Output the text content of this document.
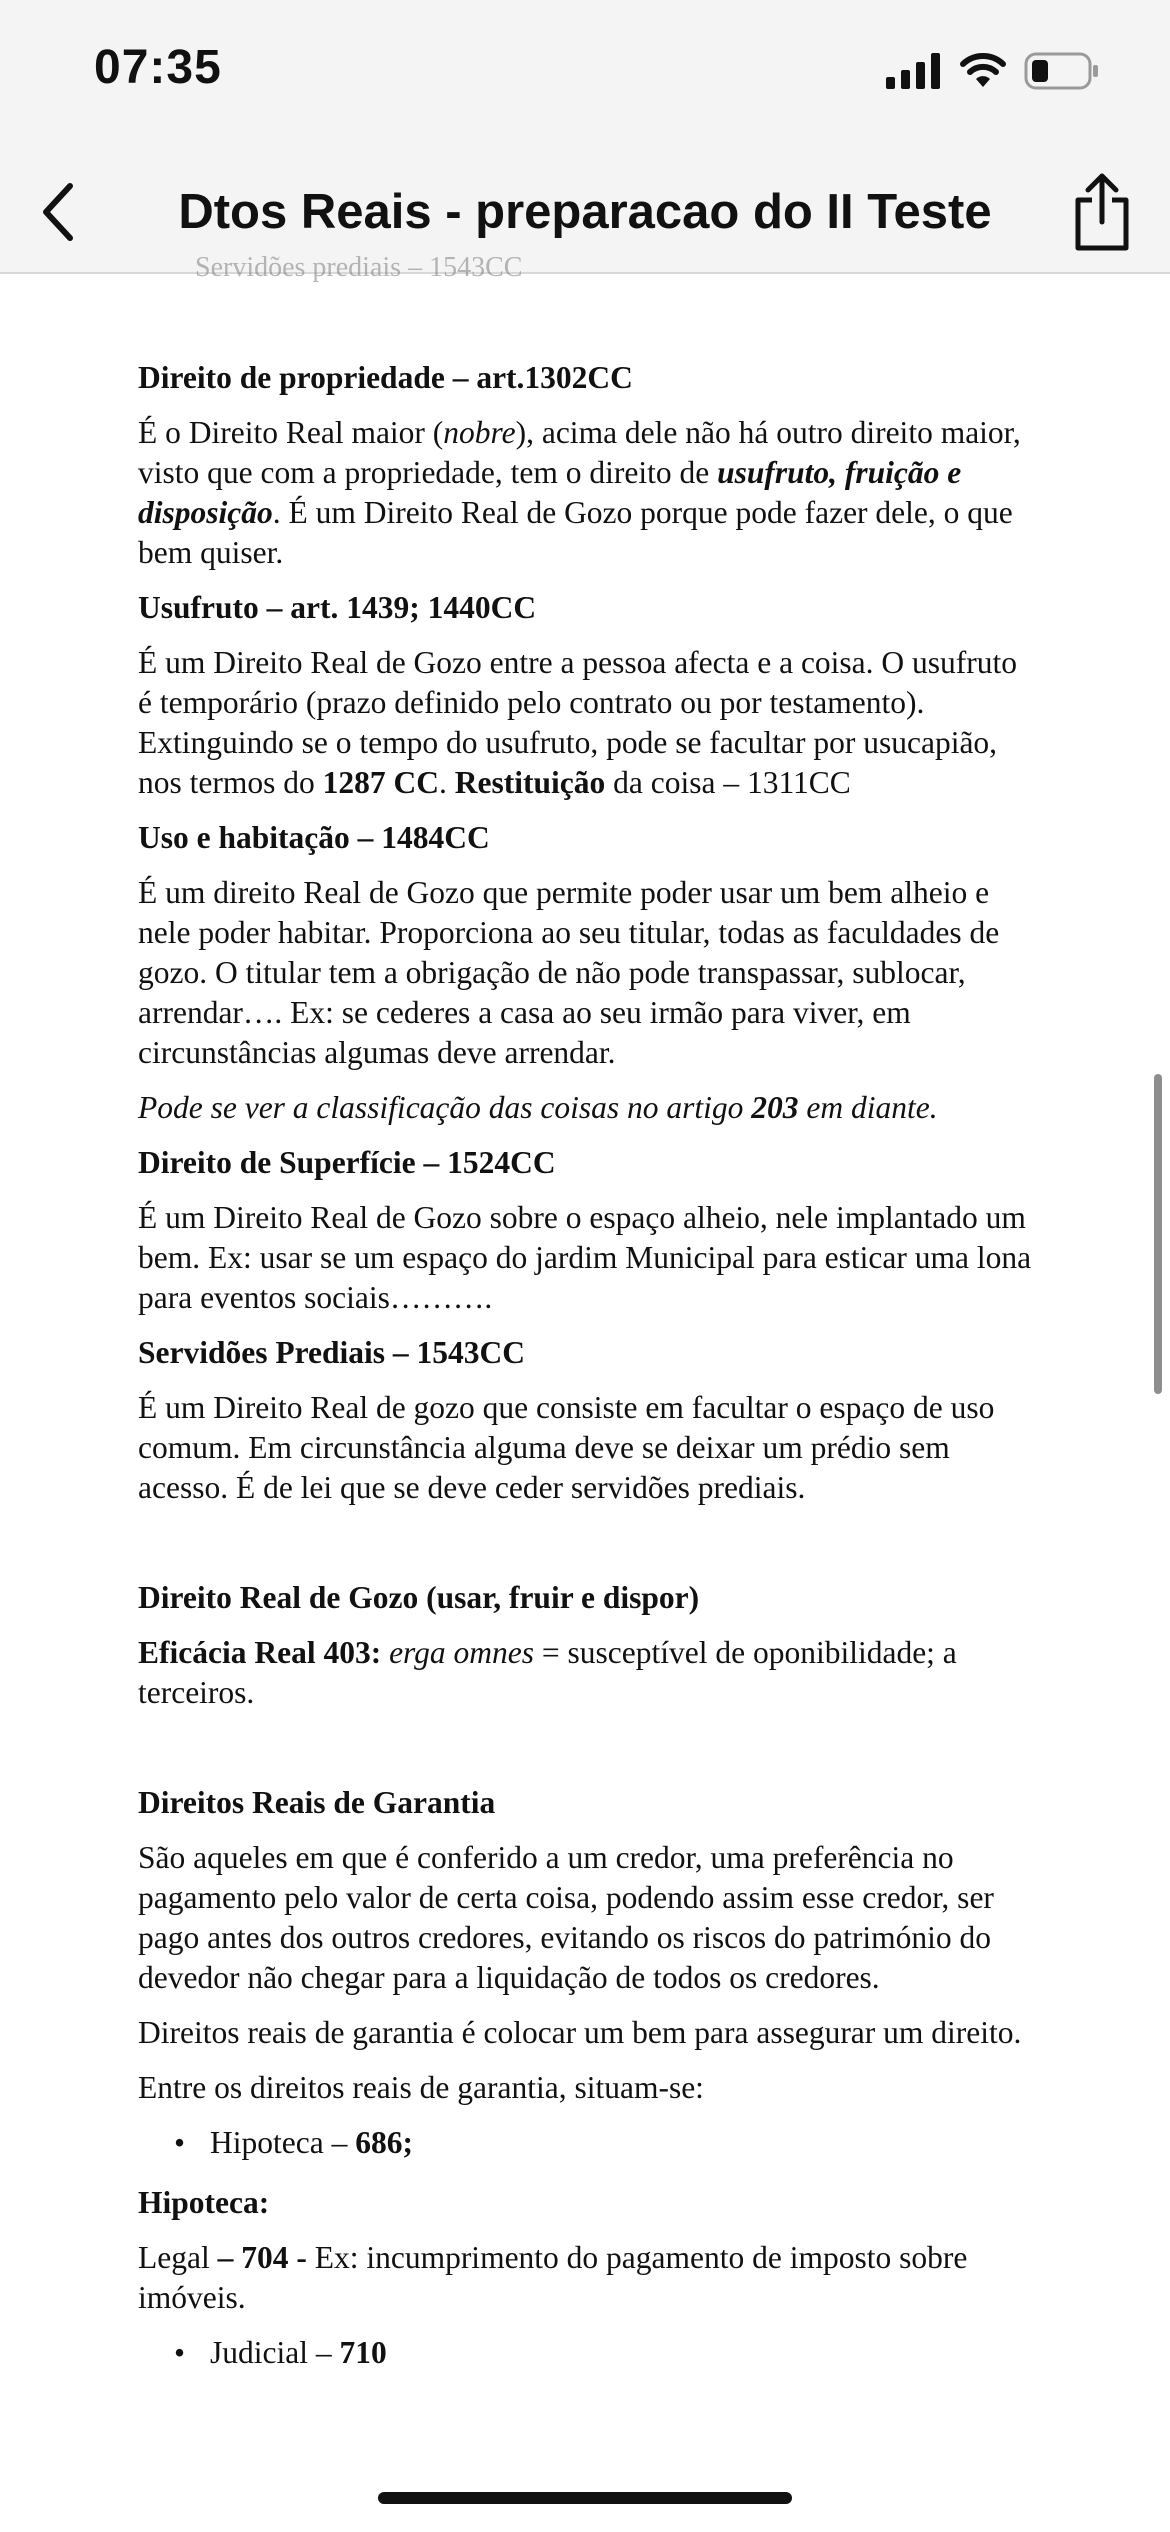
07:35
Dtos Reais - preparacao do II Teste
Servidões prediais – 1543CC
Direito de propriedade – art.1302CC
É o Direito Real maior (nobre), acima dele não há outro direito maior, visto que com a propriedade, tem o direito de usufruto, fruição e disposição. É um Direito Real de Gozo porque pode fazer dele, o que bem quiser.
Usufruto – art. 1439; 1440CC
É um Direito Real de Gozo entre a pessoa afecta e a coisa. O usufruto é temporário (prazo definido pelo contrato ou por testamento). Extinguindo se o tempo do usufruto, pode se facultar por usucapião, nos termos do 1287 CC. Restituição da coisa – 1311CC
Uso e habitação – 1484CC
É um direito Real de Gozo que permite poder usar um bem alheio e nele poder habitar. Proporciona ao seu titular, todas as faculdades de gozo. O titular tem a obrigação de não pode transpassar, sublocar, arrendar…. Ex: se cederes a casa ao seu irmão para viver, em circunstâncias algumas deve arrendar.
Pode se ver a classificação das coisas no artigo 203 em diante.
Direito de Superfície – 1524CC
É um Direito Real de Gozo sobre o espaço alheio, nele implantado um bem. Ex: usar se um espaço do jardim Municipal para esticar uma lona para eventos sociais……….
Servidões Prediais – 1543CC
É um Direito Real de gozo que consiste em facultar o espaço de uso comum. Em circunstância alguma deve se deixar um prédio sem acesso. É de lei que se deve ceder servidões prediais.
Direito Real de Gozo (usar, fruir e dispor)
Eficácia Real 403: erga omnes = susceptível de oponibilidade; a terceiros.
Direitos Reais de Garantia
São aqueles em que é conferido a um credor, uma preferência no pagamento pelo valor de certa coisa, podendo assim esse credor, ser pago antes dos outros credores, evitando os riscos do património do devedor não chegar para a liquidação de todos os credores.
Direitos reais de garantia é colocar um bem para assegurar um direito.
Entre os direitos reais de garantia, situam-se:
• Hipoteca – 686;
Hipoteca:
Legal – 704 - Ex: incumprimento do pagamento de imposto sobre imóveis.
• Judicial – 710
